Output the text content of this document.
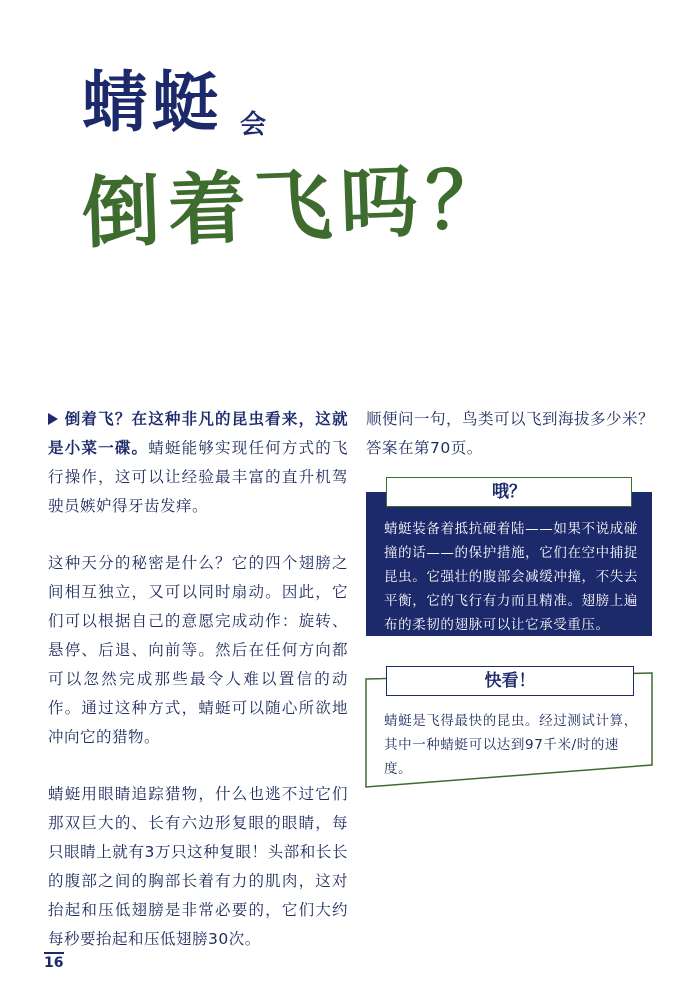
蜻蜓 会
倒着飞吗？

倒着飞？在这种非凡的昆虫看来，这就是小菜一碟。蜻蜓能够实现任何方式的飞行操作，这可以让经验最丰富的直升机驾驶员嫉妒得牙齿发痒。

这种天分的秘密是什么？它的四个翅膀之间相互独立，又可以同时扇动。因此，它们可以根据自己的意愿完成动作：旋转、悬停、后退、向前等。然后在任何方向都可以忽然完成那些最令人难以置信的动作。通过这种方式，蜻蜓可以随心所欲地冲向它的猎物。

蜻蜓用眼睛追踪猎物，什么也逃不过它们那双巨大的、长有六边形复眼的眼睛，每只眼睛上就有3万只这种复眼！头部和长长的腹部之间的胸部长着有力的肌肉，这对抬起和压低翅膀是非常必要的，它们大约每秒要抬起和压低翅膀30次。

顺便问一句，鸟类可以飞到海拔多少米？答案在第70页。

哦？
蜻蜓装备着抵抗硬着陆——如果不说成碰撞的话——的保护措施，它们在空中捕捉昆虫。它强壮的腹部会减缓冲撞，不失去平衡，它的飞行有力而且精准。翅膀上遍布的柔韧的翅脉可以让它承受重压。
快看！
蜻蜓是飞得最快的昆虫。经过测试计算，其中一种蜻蜓可以达到97千米/时的速度。
16
